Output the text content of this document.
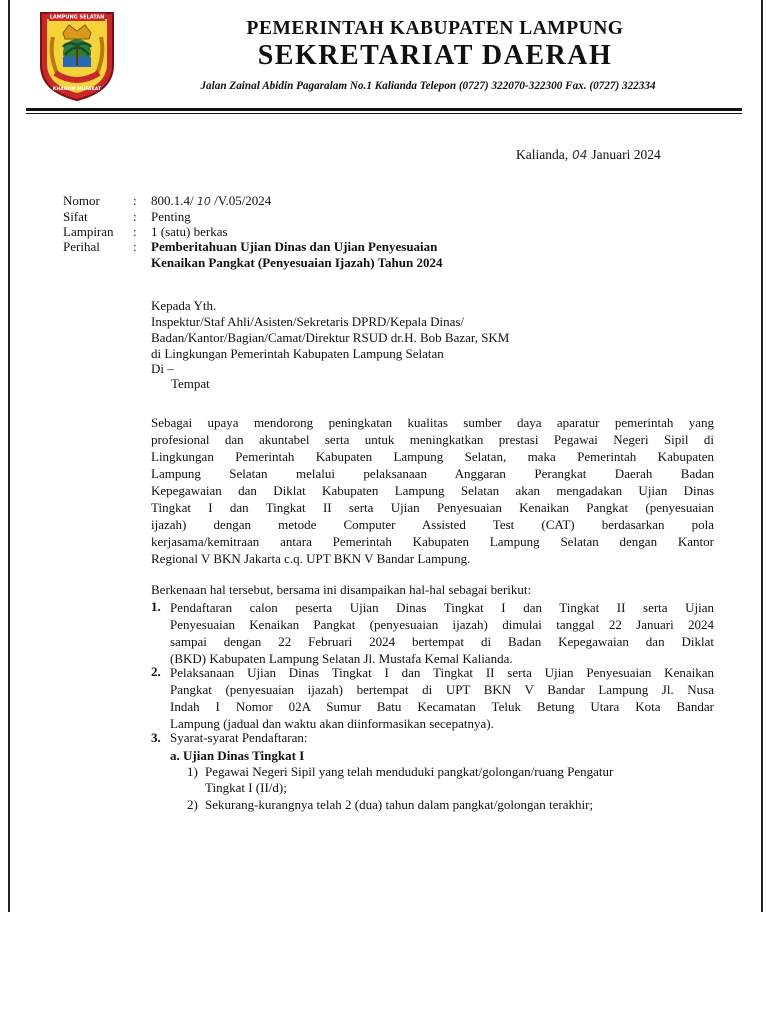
LAMPUNG SELATAN
KHAGOM MUFAKAT
PEMERINTAH KABUPATEN LAMPUNG
SEKRETARIAT DAERAH
Jalan Zainal Abidin Pagaralam No.1 Kalianda Telepon (0727) 322070-322300 Fax. (0727) 322334
Kalianda, 04 Januari 2024
Nomor	: 800.1.4/ 10 /V.05/2024
Sifat	: Penting
Lampiran : 1 (satu) berkas
Perihal	: Pemberitahuan Ujian Dinas dan Ujian Penyesuaian
Kenaikan Pangkat (Penyesuaian Ijazah) Tahun 2024
Kepada Yth.
Inspektur/Staf Ahli/Asisten/Sekretaris DPRD/Kepala Dinas/
Badan/Kantor/Bagian/Camat/Direktur RSUD dr.H. Bob Bazar, SKM
di Lingkungan Pemerintah Kabupaten Lampung Selatan
Di –
Tempat

Sebagai upaya mendorong peningkatan kualitas sumber daya aparatur pemerintah yang

profesional dan akuntabel serta untuk meningkatkan prestasi Pegawai Negeri Sipil di

Lingkungan Pemerintah Kabupaten Lampung Selatan, maka Pemerintah Kabupaten

Lampung Selatan melalui pelaksanaan Anggaran Perangkat Daerah Badan

Kepegawaian dan Diklat Kabupaten Lampung Selatan akan mengadakan Ujian Dinas

Tingkat I dan Tingkat II serta Ujian Penyesuaian Kenaikan Pangkat (penyesuaian

ijazah) dengan metode Computer Assisted Test (CAT) berdasarkan pola

kerjasama/kemitraan antara Pemerintah Kabupaten Lampung Selatan dengan Kantor

Regional V BKN Jakarta c.q. UPT BKN V Bandar Lampung.

Berkenaan hal tersebut, bersama ini disampaikan hal-hal sebagai berikut:
1. Pendaftaran calon peserta Ujian Dinas Tingkat I dan Tingkat II serta Ujian

Penyesuaian Kenaikan Pangkat (penyesuaian ijazah) dimulai tanggal 22 Januari 2024

sampai dengan 22 Februari 2024 bertempat di Badan Kepegawaian dan Diklat

(BKD) Kabupaten Lampung Selatan Jl. Mustafa Kemal Kalianda.

2. Pelaksanaan Ujian Dinas Tingkat I dan Tingkat II serta Ujian Penyesuaian Kenaikan

Pangkat (penyesuaian ijazah) bertempat di UPT BKN V Bandar Lampung Jl. Nusa

Indah I Nomor 02A Sumur Batu Kecamatan Teluk Betung Utara Kota Bandar

Lampung (jadual dan waktu akan diinformasikan secepatnya).

3. Syarat-syarat Pendaftaran:
a. Ujian Dinas Tingkat I
1) Pegawai Negeri Sipil yang telah menduduki pangkat/golongan/ruang Pengatur
Tingkat I (II/d);
2) Sekurang-kurangnya telah 2 (dua) tahun dalam pangkat/golongan terakhir;
